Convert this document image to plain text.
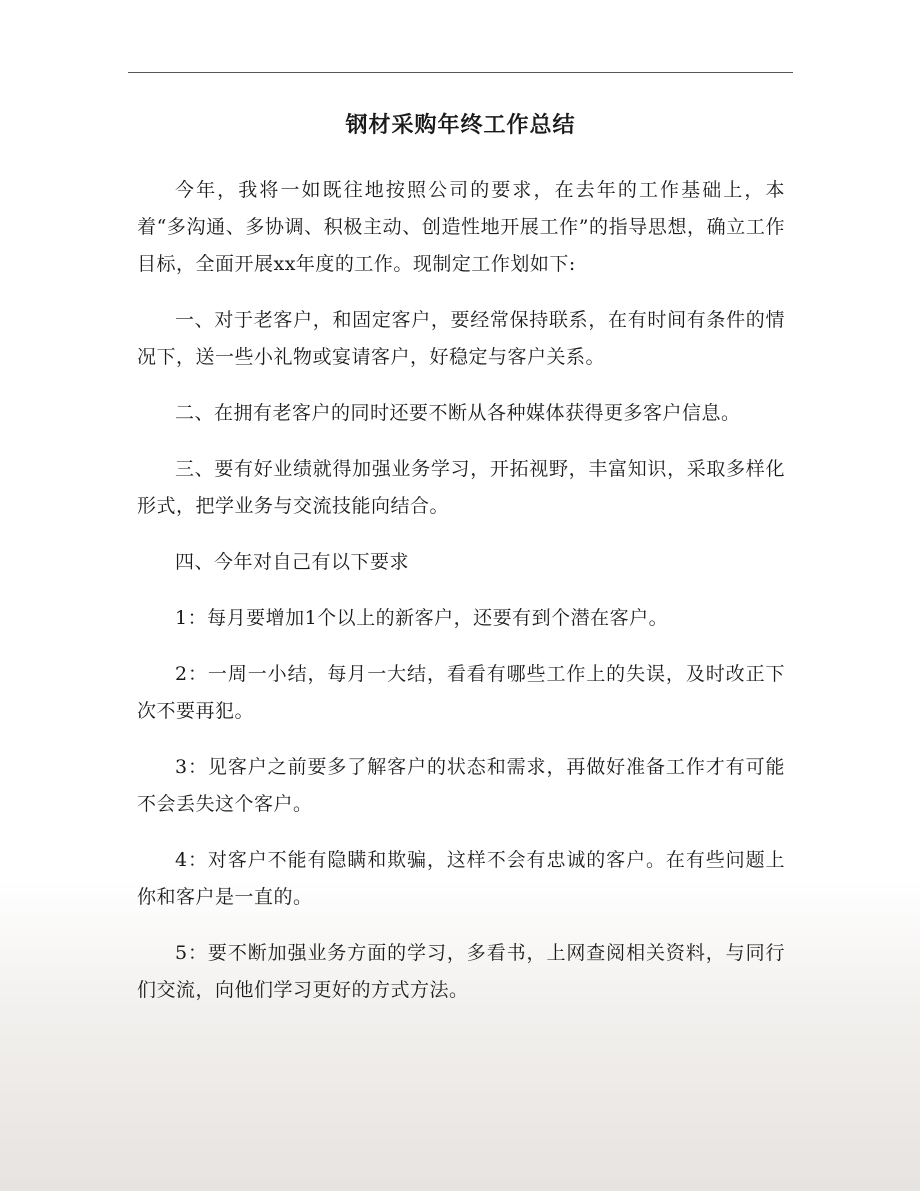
钢材采购年终工作总结

今年，我将一如既往地按照公司的要求，在去年的工作基础上，本着“多沟通、多协调、积极主动、创造性地开展工作”的指导思想，确立工作目标，全面开展xx年度的工作。现制定工作划如下:

一、对于老客户，和固定客户，要经常保持联系，在有时间有条件的情况下，送一些小礼物或宴请客户，好稳定与客户关系。

二、在拥有老客户的同时还要不断从各种媒体获得更多客户信息。

三、要有好业绩就得加强业务学习，开拓视野，丰富知识，采取多样化形式，把学业务与交流技能向结合。

四、今年对自己有以下要求

1：每月要增加1个以上的新客户，还要有到个潜在客户。

2：一周一小结，每月一大结，看看有哪些工作上的失误，及时改正下次不要再犯。

3：见客户之前要多了解客户的状态和需求，再做好准备工作才有可能不会丢失这个客户。

4：对客户不能有隐瞒和欺骗，这样不会有忠诚的客户。在有些问题上你和客户是一直的。

5：要不断加强业务方面的学习，多看书，上网查阅相关资料，与同行们交流，向他们学习更好的方式方法。
